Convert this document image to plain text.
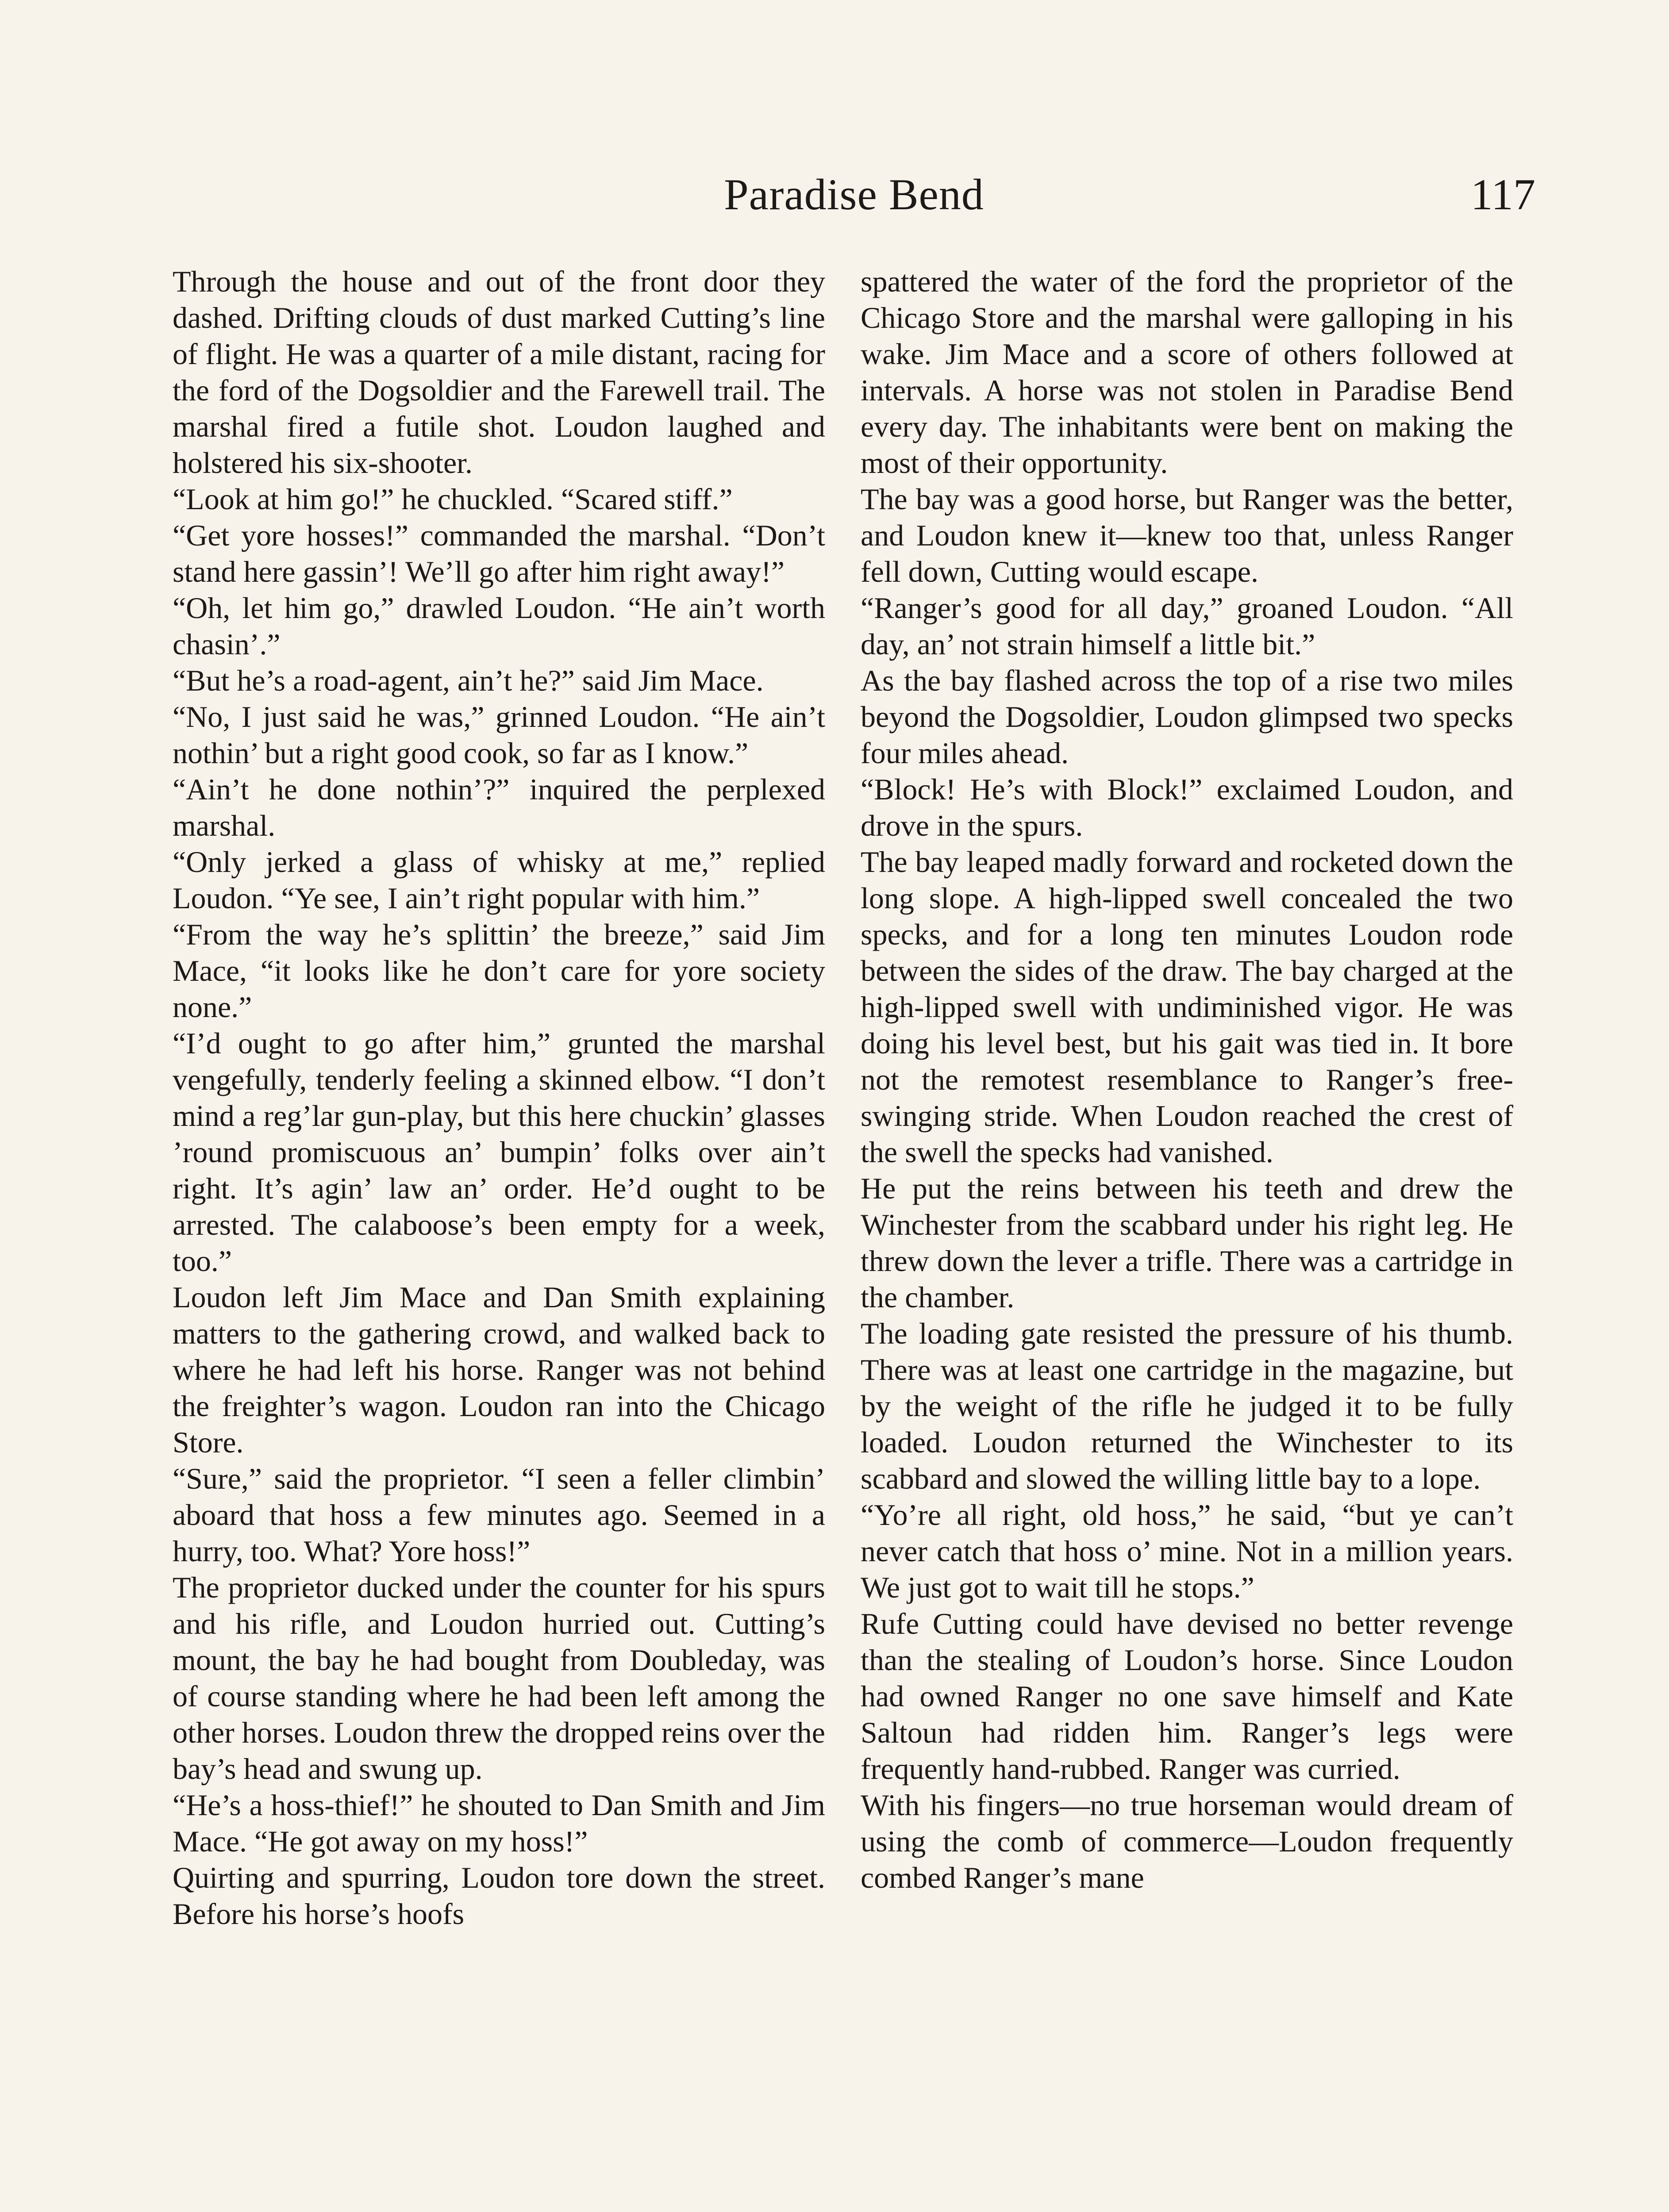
Paradise Bend	117

Through the house and out of the front door they dashed. Drifting clouds of dust marked Cutting’s line of flight. He was a quarter of a mile distant, racing for the ford of the Dogsoldier and the Farewell trail. The marshal fired a futile shot. Loudon laughed and holstered his six-shooter.

“Look at him go!” he chuckled. “Scared stiff.”

“Get yore hosses!” commanded the marshal. “Don’t stand here gassin’! We’ll go after him right away!”

“Oh, let him go,” drawled Loudon. “He ain’t worth chasin’.”

“But he’s a road-agent, ain’t he?” said Jim Mace.

“No, I just said he was,” grinned Loudon. “He ain’t nothin’ but a right good cook, so far as I know.”

“Ain’t he done nothin’?” inquired the perplexed marshal.

“Only jerked a glass of whisky at me,” replied Loudon. “Ye see, I ain’t right popular with him.”

“From the way he’s splittin’ the breeze,” said Jim Mace, “it looks like he don’t care for yore society none.”

“I’d ought to go after him,” grunted the marshal vengefully, tenderly feeling a skinned elbow. “I don’t mind a reg’lar gun-play, but this here chuckin’ glasses ’round promiscuous an’ bumpin’ folks over ain’t right. It’s agin’ law an’ order. He’d ought to be arrested. The calaboose’s been empty for a week, too.”

Loudon left Jim Mace and Dan Smith explaining matters to the gathering crowd, and walked back to where he had left his horse. Ranger was not behind the freighter’s wagon. Loudon ran into the Chicago Store.

“Sure,” said the proprietor. “I seen a feller climbin’ aboard that hoss a few minutes ago. Seemed in a hurry, too. What? Yore hoss!”

The proprietor ducked under the counter for his spurs and his rifle, and Loudon hurried out. Cutting’s mount, the bay he had bought from Doubleday, was of course standing where he had been left among the other horses. Loudon threw the dropped reins over the bay’s head and swung up.

“He’s a hoss-thief!” he shouted to Dan Smith and Jim Mace. “He got away on my hoss!”

Quirting and spurring, Loudon tore down the street. Before his horse’s hoofs

spattered the water of the ford the proprietor of the Chicago Store and the marshal were galloping in his wake. Jim Mace and a score of others followed at intervals. A horse was not stolen in Paradise Bend every day. The inhabitants were bent on making the most of their opportunity.

The bay was a good horse, but Ranger was the better, and Loudon knew it—knew too that, unless Ranger fell down, Cutting would escape.

“Ranger’s good for all day,” groaned Loudon. “All day, an’ not strain himself a little bit.”

As the bay flashed across the top of a rise two miles beyond the Dogsoldier, Loudon glimpsed two specks four miles ahead.

“Block! He’s with Block!” exclaimed Loudon, and drove in the spurs.

The bay leaped madly forward and rocketed down the long slope. A high-lipped swell concealed the two specks, and for a long ten minutes Loudon rode between the sides of the draw. The bay charged at the high-lipped swell with undiminished vigor. He was doing his level best, but his gait was tied in. It bore not the remotest resemblance to Ranger’s free-swinging stride. When Loudon reached the crest of the swell the specks had vanished.

He put the reins between his teeth and drew the Winchester from the scabbard under his right leg. He threw down the lever a trifle. There was a cartridge in the chamber.

The loading gate resisted the pressure of his thumb. There was at least one cartridge in the magazine, but by the weight of the rifle he judged it to be fully loaded. Loudon returned the Winchester to its scabbard and slowed the willing little bay to a lope.

“Yo’re all right, old hoss,” he said, “but ye can’t never catch that hoss o’ mine. Not in a million years. We just got to wait till he stops.”

Rufe Cutting could have devised no better revenge than the stealing of Loudon’s horse. Since Loudon had owned Ranger no one save himself and Kate Saltoun had ridden him. Ranger’s legs were frequently hand-rubbed. Ranger was curried.

With his fingers—no true horseman would dream of using the comb of commerce—Loudon frequently combed Ranger’s mane
